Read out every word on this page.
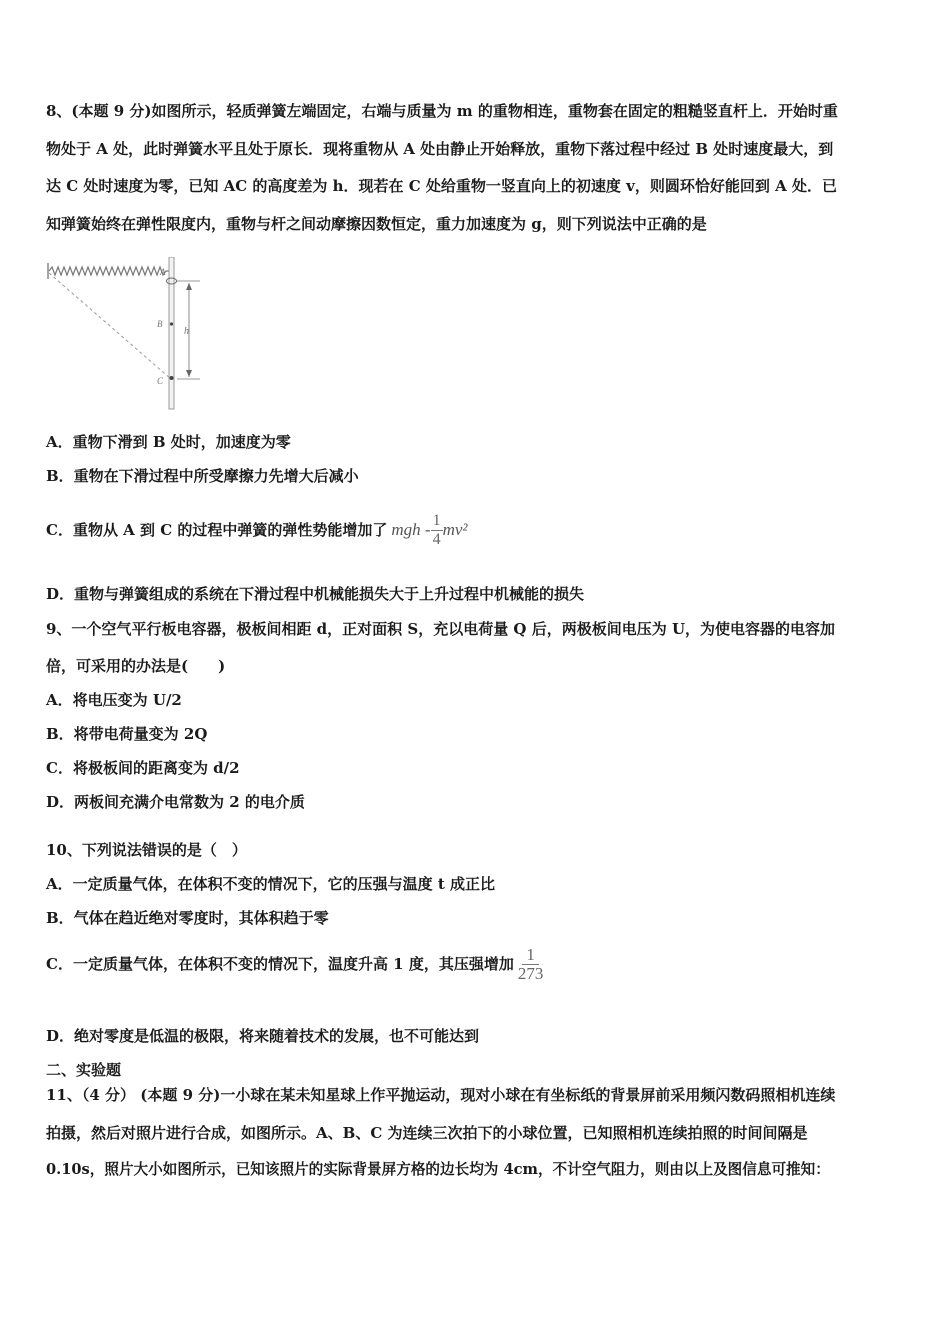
8、(本题 9 分)如图所示，轻质弹簧左端固定，右端与质量为 m 的重物相连，重物套在固定的粗糙竖直杆上．开始时重
物处于 A 处，此时弹簧水平且处于原长．现将重物从 A 处由静止开始释放，重物下落过程中经过 B 处时速度最大，到
达 C 处时速度为零，已知 AC 的高度差为 h．现若在 C 处给重物一竖直向上的初速度 v，则圆环恰好能回到 A 处．已
知弹簧始终在弹性限度内，重物与杆之间动摩擦因数恒定，重力加速度为 g，则下列说法中正确的是
A
B
C
h
A．重物下滑到 B 处时，加速度为零
B．重物在下滑过程中所受摩擦力先增大后减小
C．重物从 A 到 C 的过程中弹簧的弹性势能增加了 mgh - $\frac{1}{4} mv^2$
D．重物与弹簧组成的系统在下滑过程中机械能损失大于上升过程中机械能的损失
9、一个空气平行板电容器，极板间相距 d，正对面积 S，充以电荷量 Q 后，两极板间电压为 U，为使电容器的电容加
倍，可采用的办法是(　　)
A．将电压变为 U/2
B．将带电荷量变为 2Q
C．将极板间的距离变为 d/2
D．两板间充满介电常数为 2 的电介质
10、下列说法错误的是（　）
A．一定质量气体，在体积不变的情况下，它的压强与温度 t 成正比
B．气体在趋近绝对零度时，其体积趋于零
C．一定质量气体，在体积不变的情况下，温度升高 1 度，其压强增加 $\frac{1}{273}$
D．绝对零度是低温的极限，将来随着技术的发展，也不可能达到
二、实验题
11、（4 分） (本题 9 分)一小球在某未知星球上作平抛运动，现对小球在有坐标纸的背景屏前采用频闪数码照相机连续
拍摄，然后对照片进行合成，如图所示。A、B、C 为连续三次拍下的小球位置，已知照相机连续拍照的时间间隔是
0.10s，照片大小如图所示，已知该照片的实际背景屏方格的边长均为 4cm，不计空气阻力，则由以上及图信息可推知：
